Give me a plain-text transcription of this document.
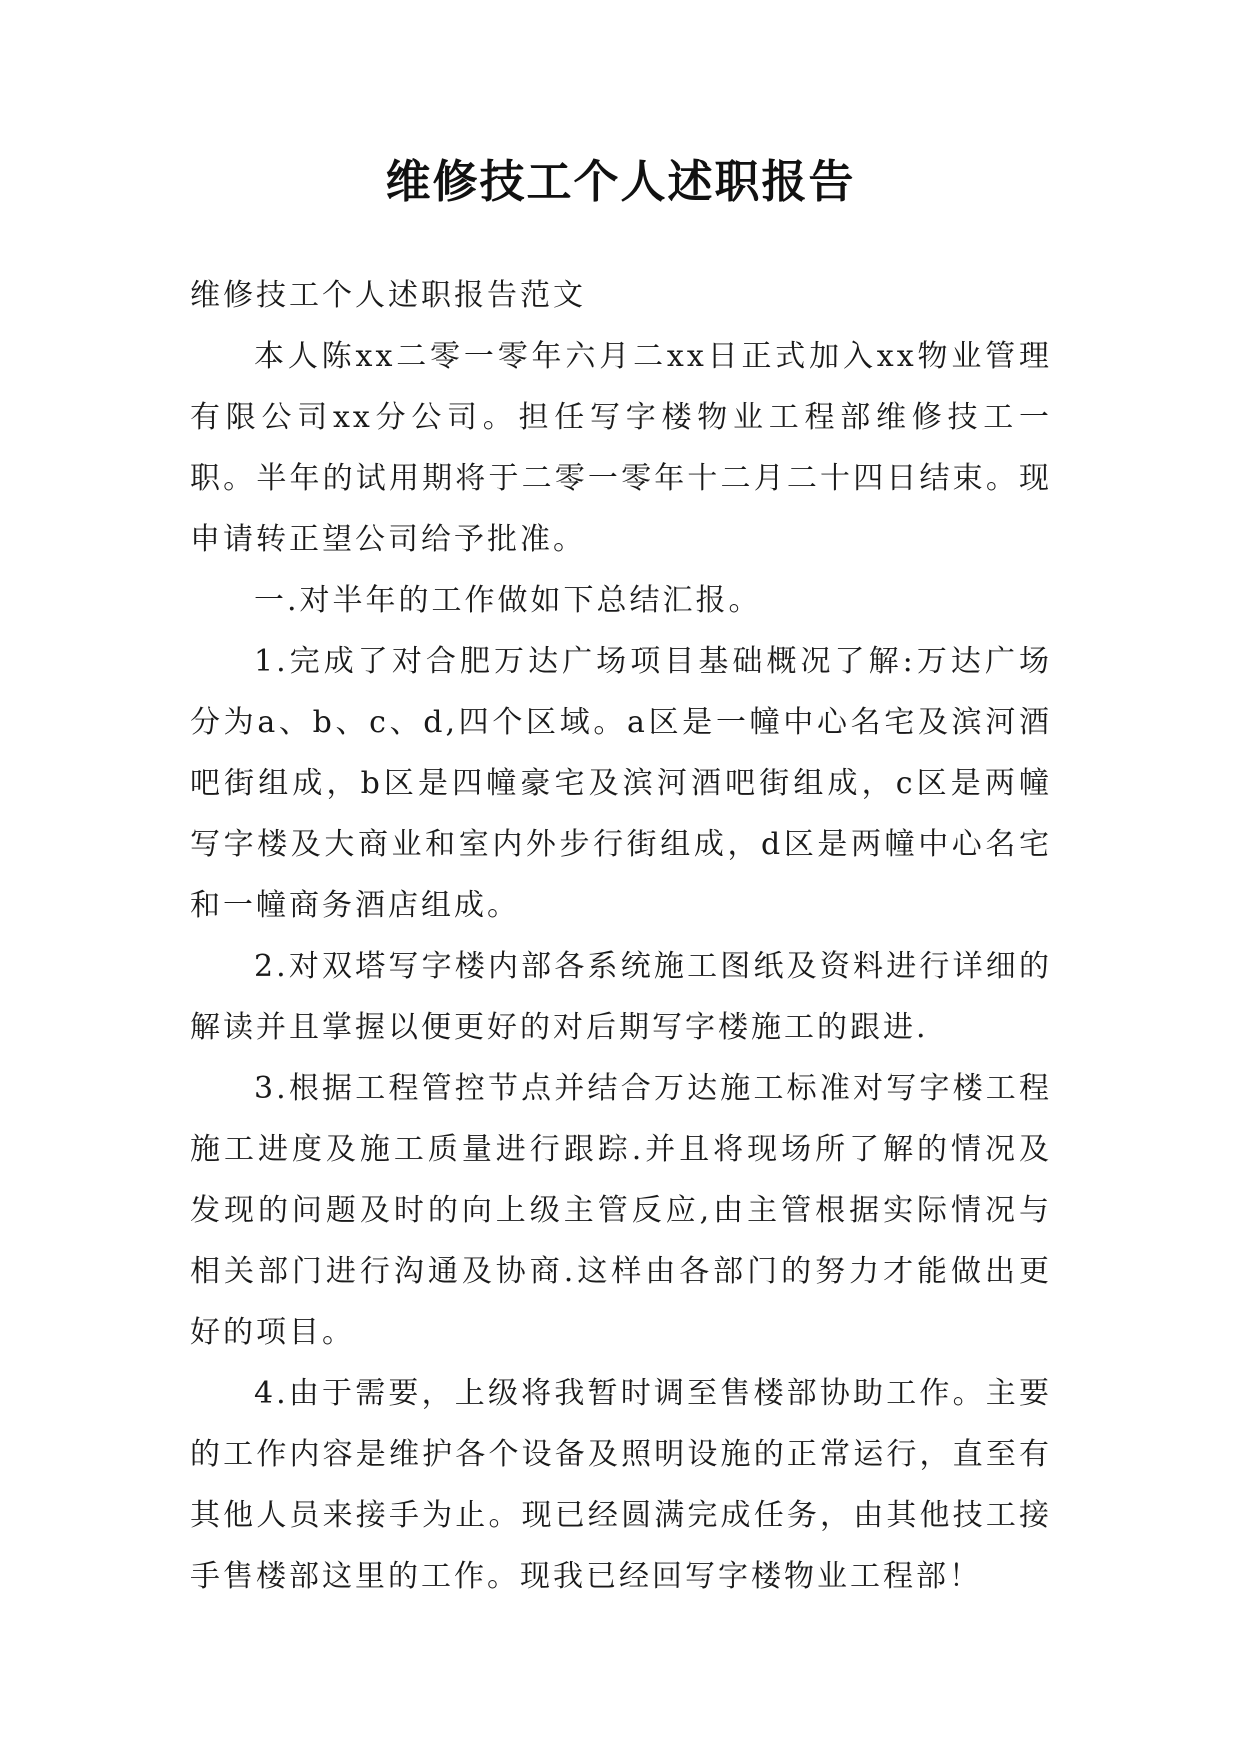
维修技工个人述职报告

维修技工个人述职报告范文

本人陈xx二零一零年六月二xx日正式加入xx物业管理有限公司xx分公司。担任写字楼物业工程部维修技工一职。半年的试用期将于二零一零年十二月二十四日结束。现申请转正望公司给予批准。

一.对半年的工作做如下总结汇报。

1.完成了对合肥万达广场项目基础概况了解:万达广场分为a、b、c、d,四个区域。a区是一幢中心名宅及滨河酒吧街组成，b区是四幢豪宅及滨河酒吧街组成，c区是两幢写字楼及大商业和室内外步行街组成，d区是两幢中心名宅和一幢商务酒店组成。

2.对双塔写字楼内部各系统施工图纸及资料进行详细的解读并且掌握以便更好的对后期写字楼施工的跟进.

3.根据工程管控节点并结合万达施工标准对写字楼工程施工进度及施工质量进行跟踪.并且将现场所了解的情况及发现的问题及时的向上级主管反应,由主管根据实际情况与相关部门进行沟通及协商.这样由各部门的努力才能做出更好的项目。

4.由于需要，上级将我暂时调至售楼部协助工作。主要的工作内容是维护各个设备及照明设施的正常运行，直至有其他人员来接手为止。现已经圆满完成任务，由其他技工接手售楼部这里的工作。现我已经回写字楼物业工程部！
